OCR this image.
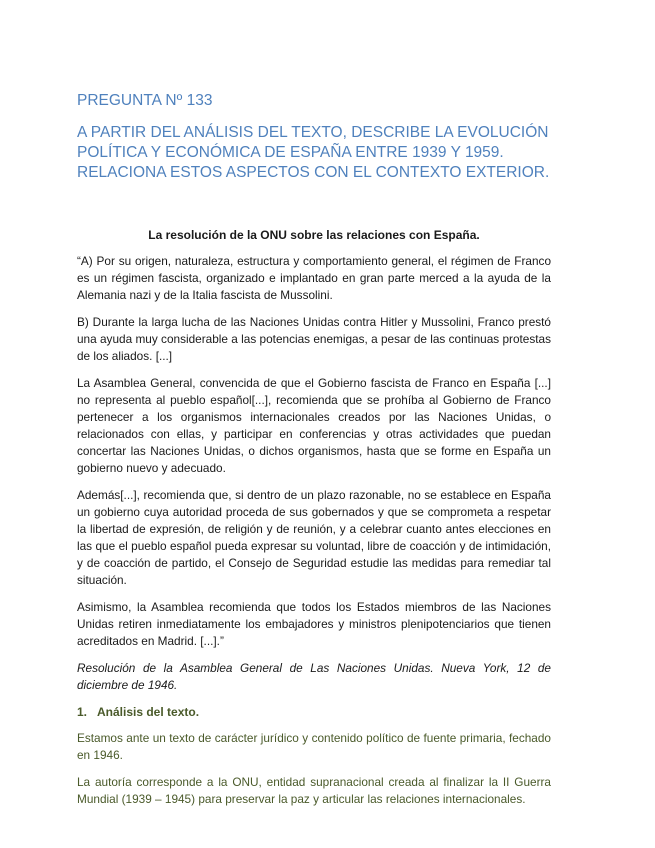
PREGUNTA Nº 133
A PARTIR DEL ANÁLISIS DEL TEXTO, DESCRIBE LA EVOLUCIÓN POLÍTICA Y ECONÓMICA DE ESPAÑA ENTRE 1939 Y 1959. RELACIONA ESTOS ASPECTOS CON EL CONTEXTO EXTERIOR.
La resolución de la ONU sobre las relaciones con España.

“A) Por su origen, naturaleza, estructura y comportamiento general, el régimen de Franco es un régimen fascista, organizado e implantado en gran parte merced a la ayuda de la Alemania nazi y de la Italia fascista de Mussolini.

B) Durante la larga lucha de las Naciones Unidas contra Hitler y Mussolini, Franco prestó una ayuda muy considerable a las potencias enemigas, a pesar de las continuas protestas de los aliados. [...]

La Asamblea General, convencida de que el Gobierno fascista de Franco en España [...] no representa al pueblo español[...], recomienda que se prohíba al Gobierno de Franco pertenecer a los organismos internacionales creados por las Naciones Unidas, o relacionados con ellas, y participar en conferencias y otras actividades que puedan concertar las Naciones Unidas, o dichos organismos, hasta que se forme en España un gobierno nuevo y adecuado.

Además[...], recomienda que, si dentro de un plazo razonable, no se establece en España un gobierno cuya autoridad proceda de sus gobernados y que se comprometa a respetar la libertad de expresión, de religión y de reunión, y a celebrar cuanto antes elecciones en las que el pueblo español pueda expresar su voluntad, libre de coacción y de intimidación, y de coacción de partido, el Consejo de Seguridad estudie las medidas para remediar tal situación.

Asimismo, la Asamblea recomienda que todos los Estados miembros de las Naciones Unidas retiren inmediatamente los embajadores y ministros plenipotenciarios que tienen acreditados en Madrid. [...].”

Resolución de la Asamblea General de Las Naciones Unidas. Nueva York, 12 de diciembre de 1946.

1. Análisis del texto.

Estamos ante un texto de carácter jurídico y contenido político de fuente primaria, fechado en 1946.

La autoría corresponde a la ONU, entidad supranacional creada al finalizar la II Guerra Mundial (1939 – 1945) para preservar la paz y articular las relaciones internacionales.
